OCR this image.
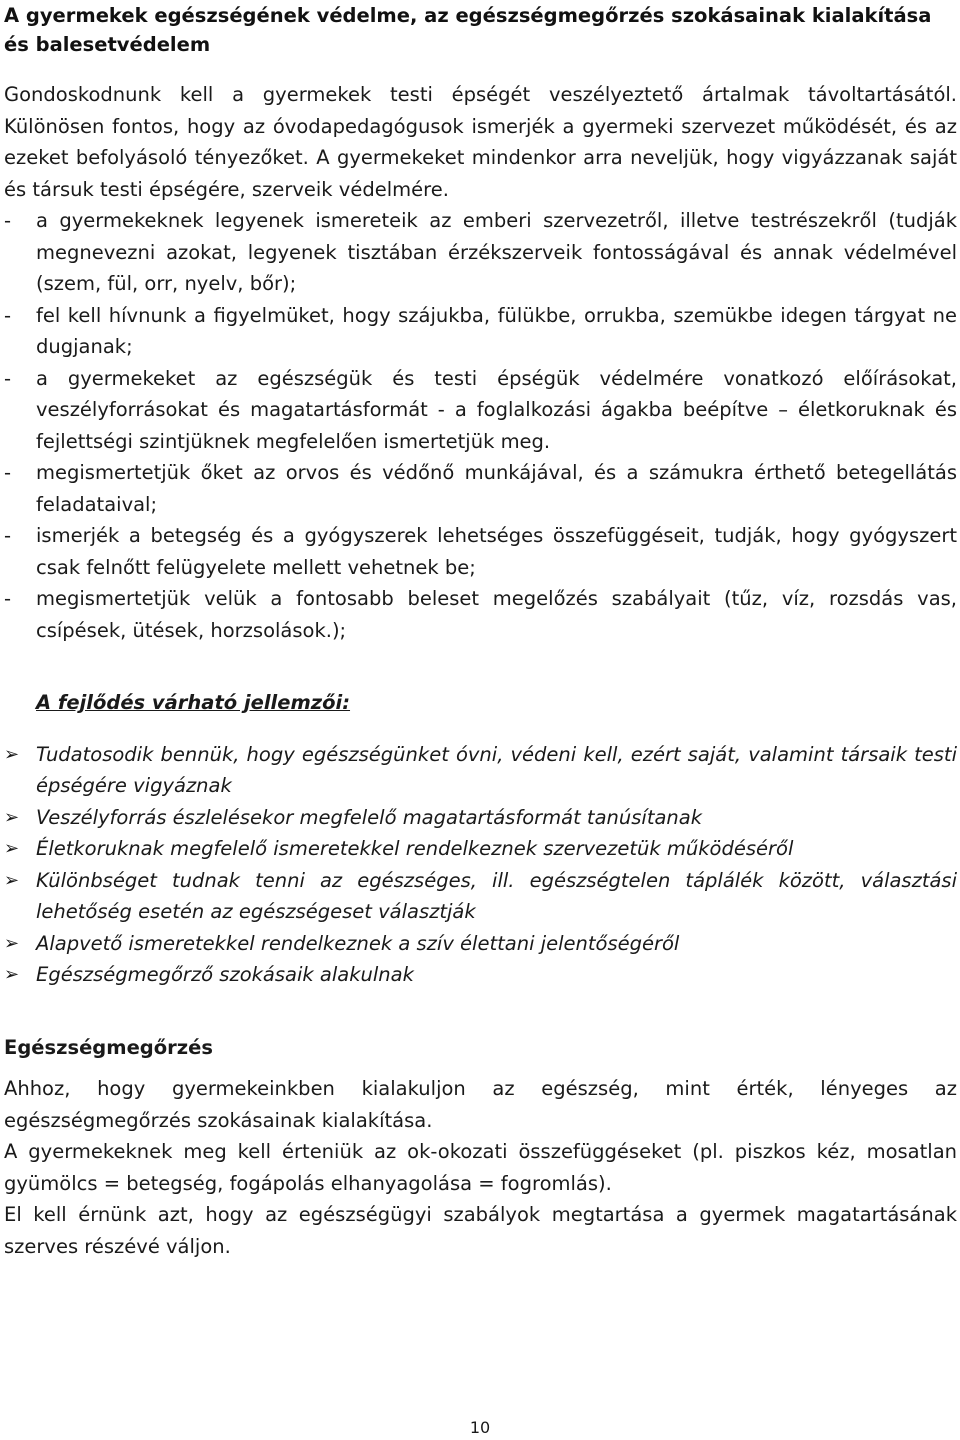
A gyermekek egészségének védelme, az egészségmegőrzés szokásainak kialakítása és balesetvédelem

Gondoskodnunk kell a gyermekek testi épségét veszélyeztető ártalmak távoltartásától. Különösen fontos, hogy az óvodapedagógusok ismerjék a gyermeki szervezet működését, és az ezeket befolyásoló tényezőket. A gyermekeket mindenkor arra neveljük, hogy vigyázzanak saját és társuk testi épségére, szerveik védelmére.

- a gyermekeknek legyenek ismereteik az emberi szervezetről, illetve testrészekről (tudják megnevezni azokat, legyenek tisztában érzékszerveik fontosságával és annak védelmével (szem, fül, orr, nyelv, bőr);
- fel kell hívnunk a figyelmüket, hogy szájukba, fülükbe, orrukba, szemükbe idegen tárgyat ne dugjanak;
- a gyermekeket az egészségük és testi épségük védelmére vonatkozó előírásokat, veszélyforrásokat és magatartásformát - a foglalkozási ágakba beépítve – életkoruknak és fejlettségi szintjüknek megfelelően ismertetjük meg.
- megismertetjük őket az orvos és védőnő munkájával, és a számukra érthető betegellátás feladataival;
- ismerjék a betegség és a gyógyszerek lehetséges összefüggéseit, tudják, hogy gyógyszert csak felnőtt felügyelete mellett vehetnek be;
- megismertetjük velük a fontosabb beleset megelőzés szabályait (tűz, víz, rozsdás vas, csípések, ütések, horzsolások.);
A fejlődés várható jellemzői:
➢ Tudatosodik bennük, hogy egészségünket óvni, védeni kell, ezért saját, valamint társaik testi épségére vigyáznak
➢ Veszélyforrás észlelésekor megfelelő magatartásformát tanúsítanak
➢ Életkoruknak megfelelő ismeretekkel rendelkeznek szervezetük működéséről
➢ Különbséget tudnak tenni az egészséges, ill. egészségtelen táplálék között, választási lehetőség esetén az egészségeset választják
➢ Alapvető ismeretekkel rendelkeznek a szív élettani jelentőségéről
➢ Egészségmegőrző szokásaik alakulnak
Egészségmegőrzés

Ahhoz, hogy gyermekeinkben kialakuljon az egészség, mint érték, lényeges az egészségmegőrzés szokásainak kialakítása.

A gyermekeknek meg kell érteniük az ok-okozati összefüggéseket (pl. piszkos kéz, mosatlan gyümölcs = betegség, fogápolás elhanyagolása = fogromlás).

El kell érnünk azt, hogy az egészségügyi szabályok megtartása a gyermek magatartásának szerves részévé váljon.

10
